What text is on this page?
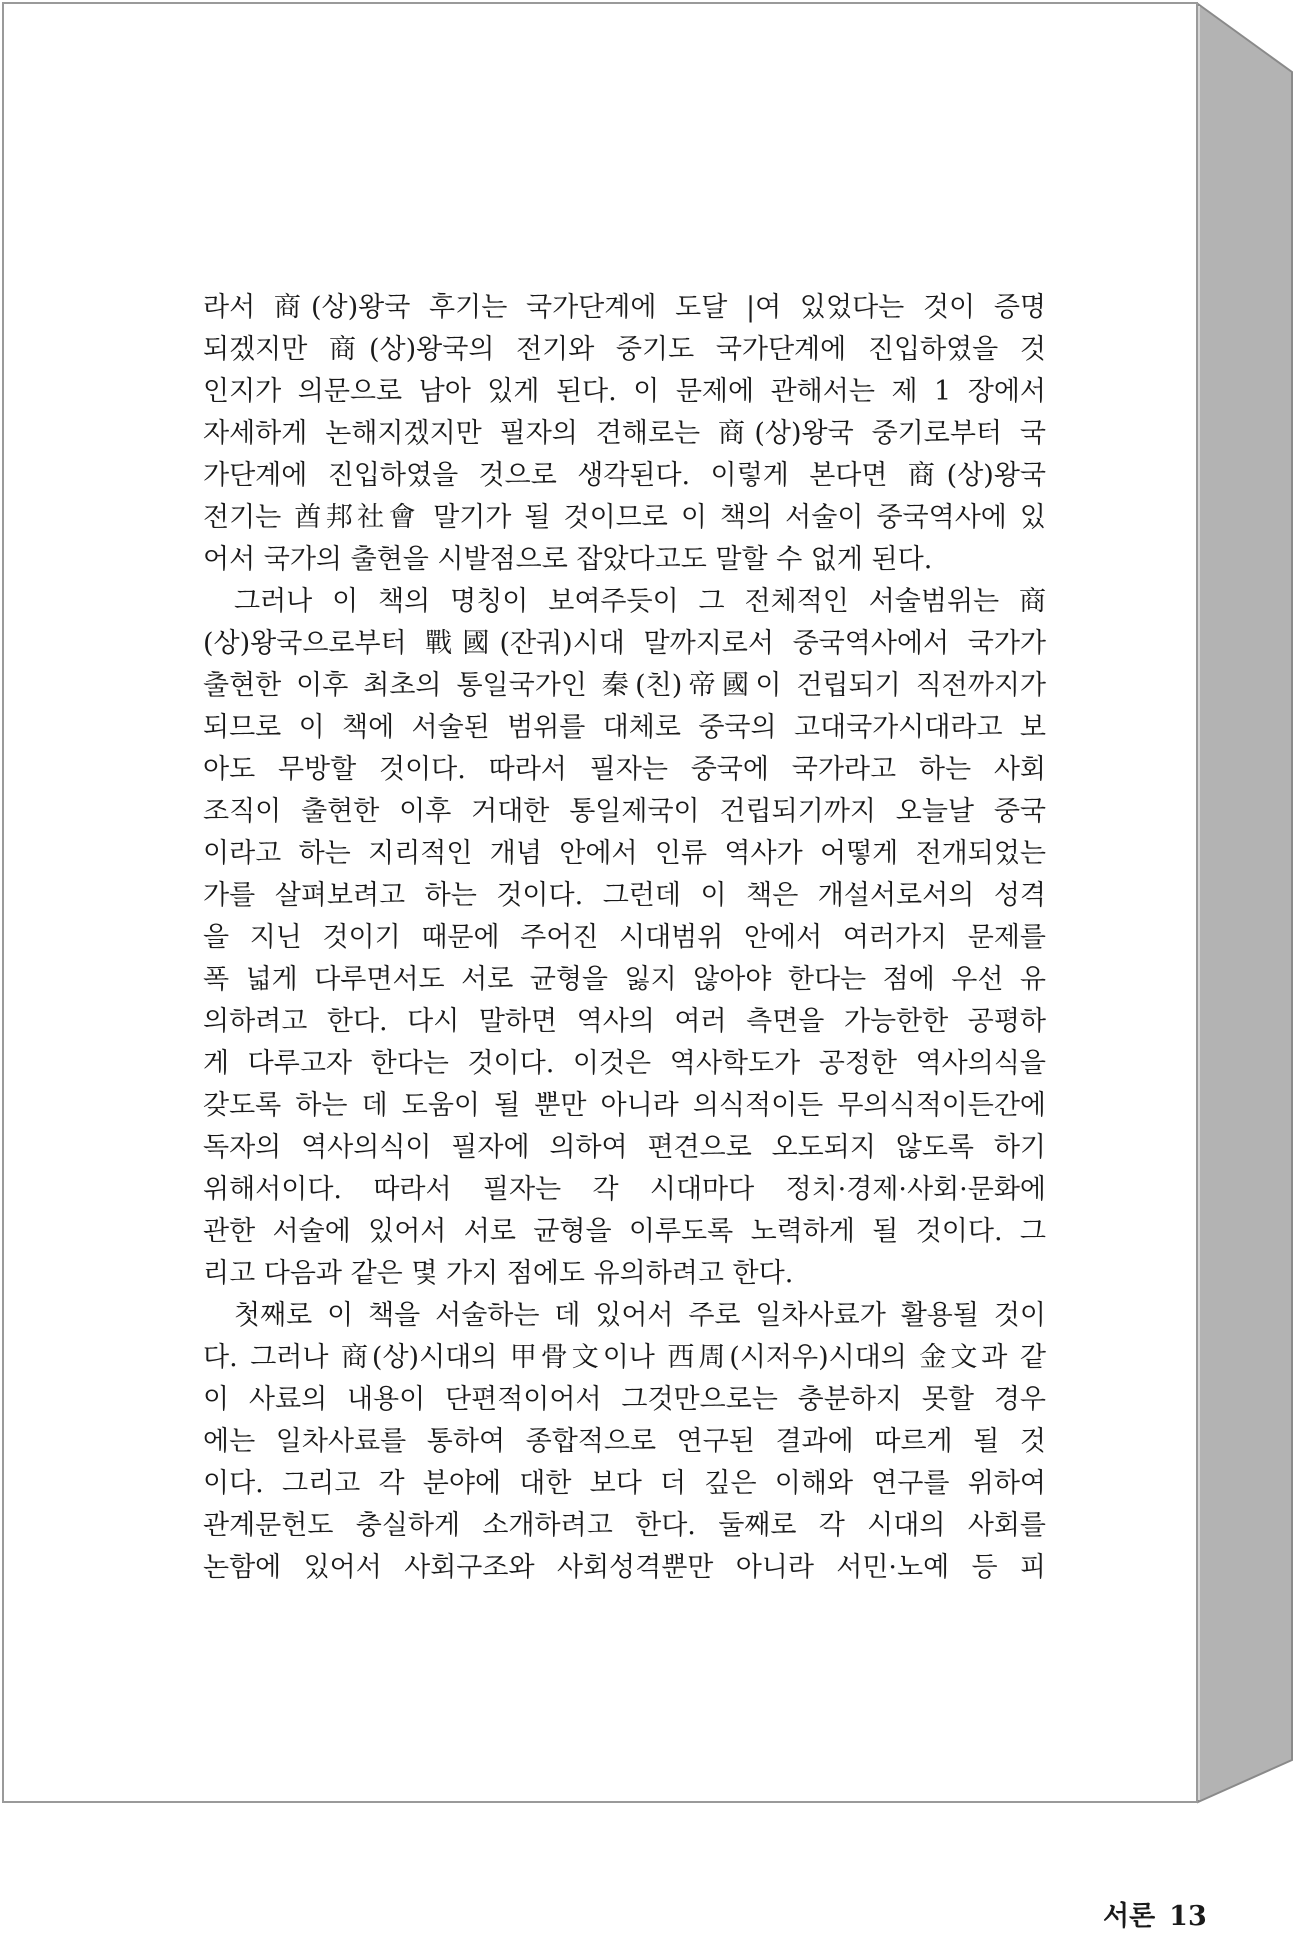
라서 商(상)왕국 후기는 국가단계에 도달 |여 있었다는 것이 증명
되겠지만 商(상)왕국의 전기와 중기도 국가단계에 진입하였을 것
인지가 의문으로 남아 있게 된다. 이 문제에 관해서는 제 1 장에서
자세하게 논해지겠지만 필자의 견해로는 商(상)왕국 중기로부터 국
가단계에 진입하였을 것으로 생각된다. 이렇게 본다면 商(상)왕국
전기는 酋邦社會 말기가 될 것이므로 이 책의 서술이 중국역사에 있
어서 국가의 출현을 시발점으로 잡았다고도 말할 수 없게 된다.
그러나 이 책의 명칭이 보여주듯이 그 전체적인 서술범위는 商
(상)왕국으로부터 戰國(잔궈)시대 말까지로서 중국역사에서 국가가
출현한 이후 최초의 통일국가인 秦(친)帝國이 건립되기 직전까지가
되므로 이 책에 서술된 범위를 대체로 중국의 고대국가시대라고 보
아도 무방할 것이다. 따라서 필자는 중국에 국가라고 하는 사회
조직이 출현한 이후 거대한 통일제국이 건립되기까지 오늘날 중국
이라고 하는 지리적인 개념 안에서 인류 역사가 어떻게 전개되었는
가를 살펴보려고 하는 것이다. 그런데 이 책은 개설서로서의 성격
을 지닌 것이기 때문에 주어진 시대범위 안에서 여러가지 문제를
폭 넓게 다루면서도 서로 균형을 잃지 않아야 한다는 점에 우선 유
의하려고 한다. 다시 말하면 역사의 여러 측면을 가능한한 공평하
게 다루고자 한다는 것이다. 이것은 역사학도가 공정한 역사의식을
갖도록 하는 데 도움이 될 뿐만 아니라 의식적이든 무의식적이든간에
독자의 역사의식이 필자에 의하여 편견으로 오도되지 않도록 하기
위해서이다. 따라서 필자는 각 시대마다 정치·경제·사회·문화에
관한 서술에 있어서 서로 균형을 이루도록 노력하게 될 것이다. 그
리고 다음과 같은 몇 가지 점에도 유의하려고 한다.
첫째로 이 책을 서술하는 데 있어서 주로 일차사료가 활용될 것이
다. 그러나 商(상)시대의 甲骨文이나 西周(시저우)시대의 金文과 같
이 사료의 내용이 단편적이어서 그것만으로는 충분하지 못할 경우
에는 일차사료를 통하여 종합적으로 연구된 결과에 따르게 될 것
이다. 그리고 각 분야에 대한 보다 더 깊은 이해와 연구를 위하여
관계문헌도 충실하게 소개하려고 한다. 둘째로 각 시대의 사회를
논함에 있어서 사회구조와 사회성격뿐만 아니라 서민·노예 등 피
서론 13
